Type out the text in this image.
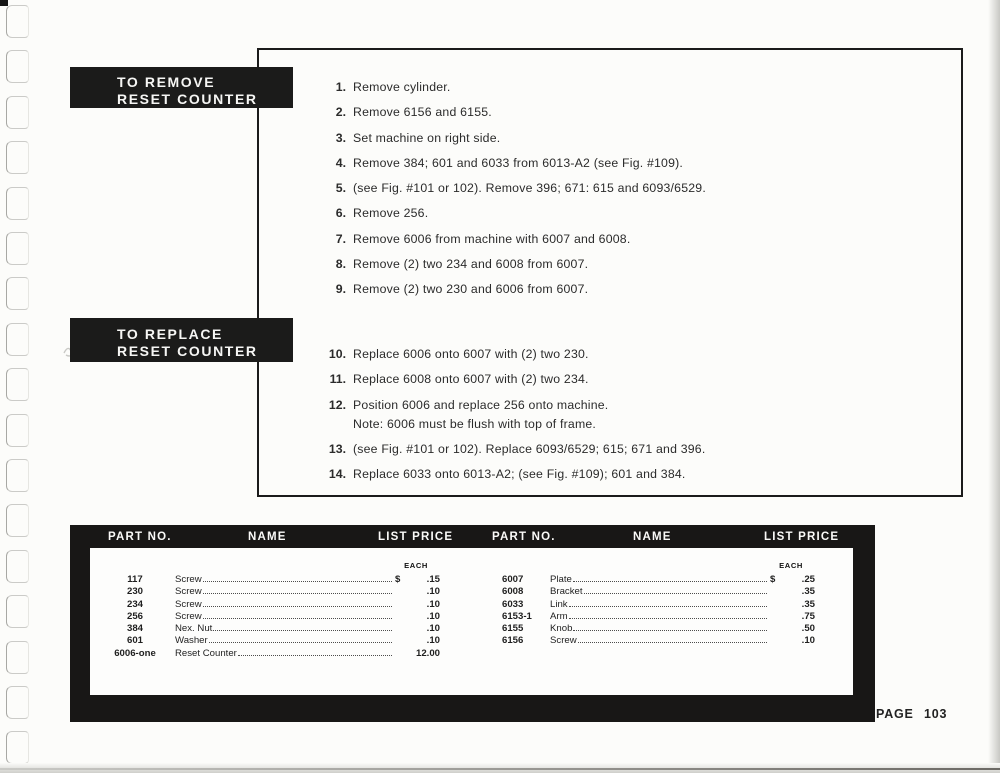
TO REMOVE
RESET COUNTER
TO REPLACE
RESET COUNTER
1. Remove cylinder.
2. Remove 6156 and 6155.
3. Set machine on right side.
4. Remove 384; 601 and 6033 from 6013-A2 (see Fig. #109).
5. (see Fig. #101 or 102). Remove 396; 671: 615 and 6093/6529.
6. Remove 256.
7. Remove 6006 from machine with 6007 and 6008.
8. Remove (2) two 234 and 6008 from 6007.
9. Remove (2) two 230 and 6006 from 6007.
10. Replace 6006 onto 6007 with (2) two 230.
11. Replace 6008 onto 6007 with (2) two 234.
12. Position 6006 and replace 256 onto machine.
Note: 6006 must be flush with top of frame.
13. (see Fig. #101 or 102). Replace 6093/6529; 615; 671 and 396.
14. Replace 6033 onto 6013-A2; (see Fig. #109); 601 and 384.
PART NO.	NAME	LIST PRICE	PART NO.	NAME	LIST PRICE
EACH
117	Screw	$	.15
230	Screw	.10
234	Screw	.10
256	Screw	.10
384	Nex. Nut	.10
601	Washer	.10
6006-one	Reset Counter	12.00
EACH
6007	Plate	$	.25
6008	Bracket	.35
6033	Link	.35
6153-1	Arm	.75
6155	Knob	.50
6156	Screw	.10
PAGE 103
